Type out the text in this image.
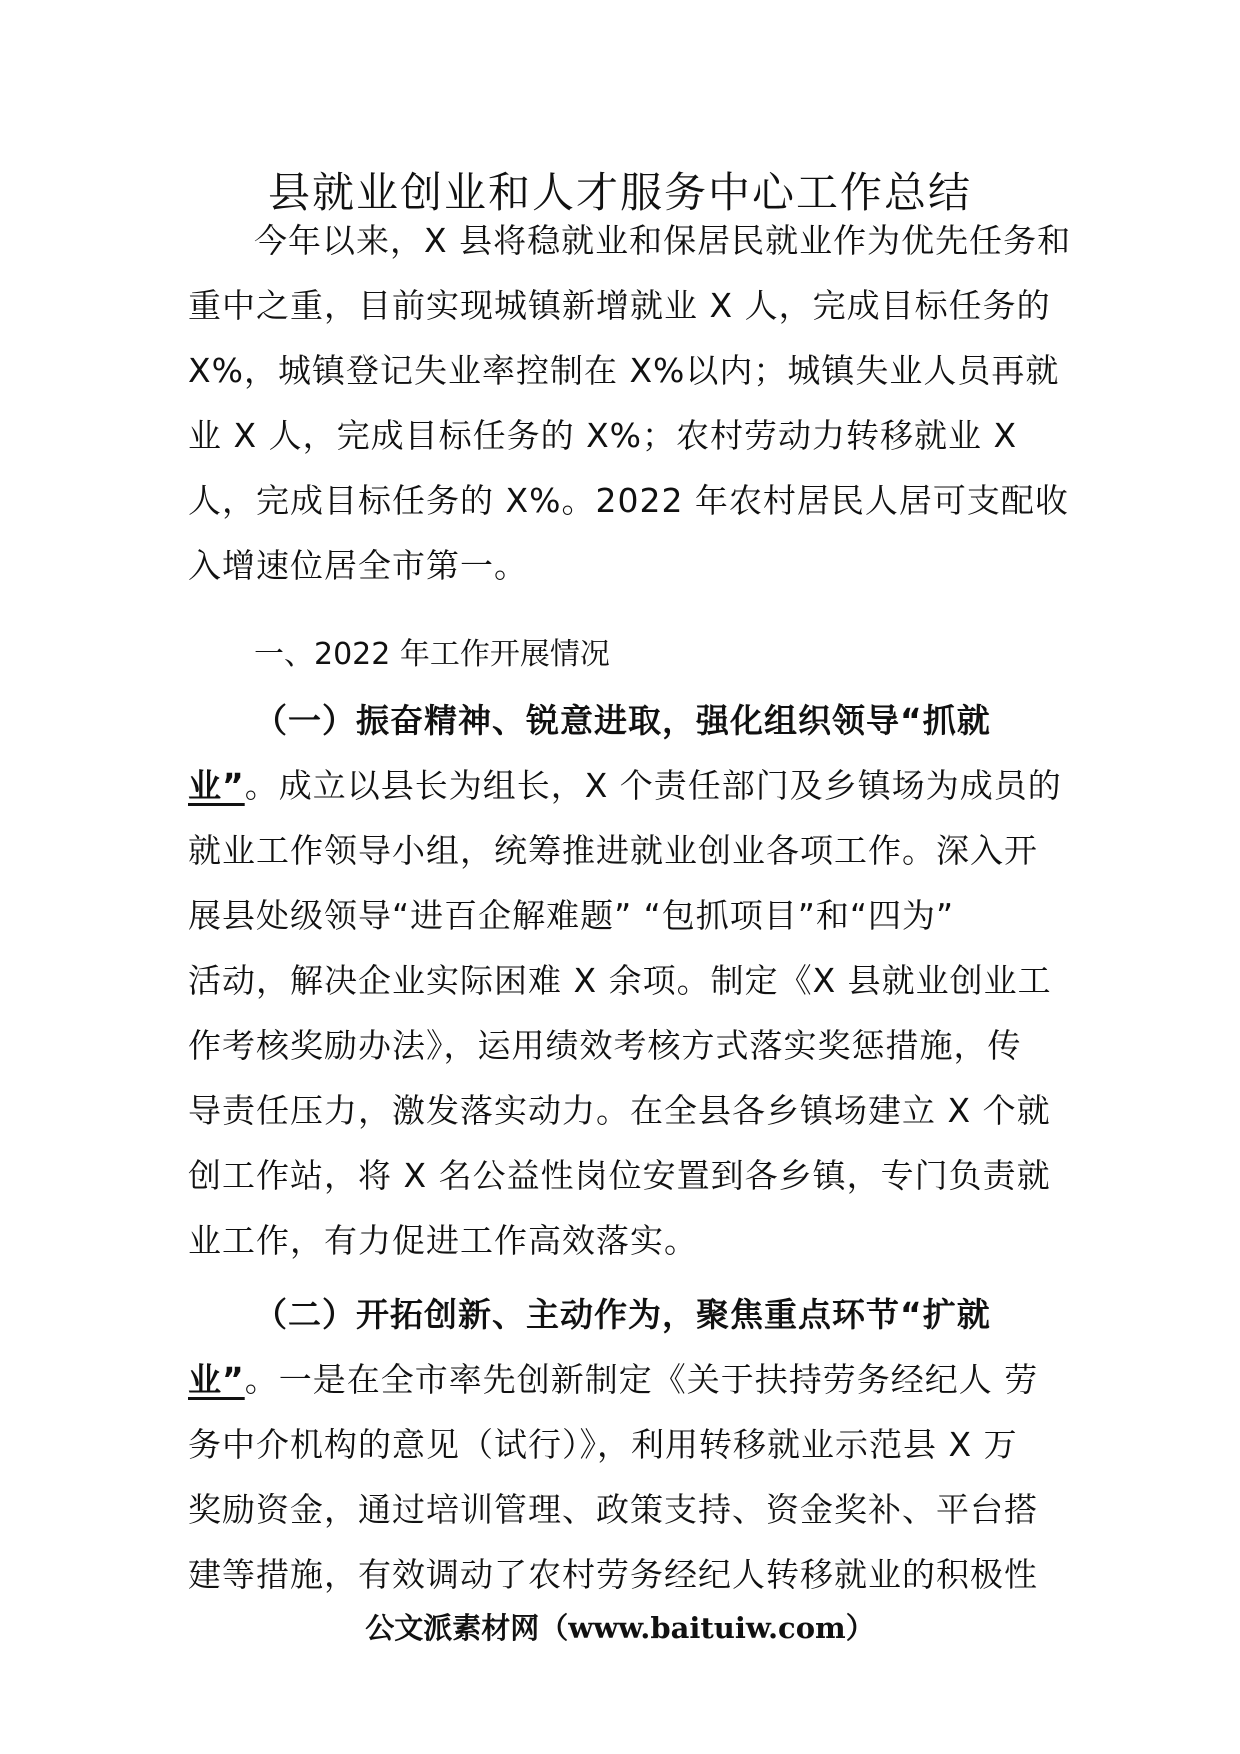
县就业创业和人才服务中心工作总结
今年以来，X 县将稳就业和保居民就业作为优先任务和
重中之重，目前实现城镇新增就业 X 人，完成目标任务的
X%，城镇登记失业率控制在 X%以内；城镇失业人员再就
业 X 人，完成目标任务的 X%；农村劳动力转移就业 X
人，完成目标任务的 X%。2022 年农村居民人居可支配收
入增速位居全市第一。
一、2022 年工作开展情况
（一）振奋精神、锐意进取，强化组织领导“抓就
业”。成立以县长为组长，X 个责任部门及乡镇场为成员的
就业工作领导小组，统筹推进就业创业各项工作。深入开
展县处级领导“进百企解难题” “包抓项目”和“四为”
活动，解决企业实际困难 X 余项。制定《X 县就业创业工
作考核奖励办法》，运用绩效考核方式落实奖惩措施，传
导责任压力，激发落实动力。在全县各乡镇场建立 X 个就
创工作站，将 X 名公益性岗位安置到各乡镇，专门负责就
业工作，有力促进工作高效落实。
（二）开拓创新、主动作为，聚焦重点环节“扩就
业”。一是在全市率先创新制定《关于扶持劳务经纪人 劳
务中介机构的意见（试行）》，利用转移就业示范县 X 万
奖励资金，通过培训管理、政策支持、资金奖补、平台搭
建等措施，有效调动了农村劳务经纪人转移就业的积极性
公文派素材网（www.baituiw.com）
